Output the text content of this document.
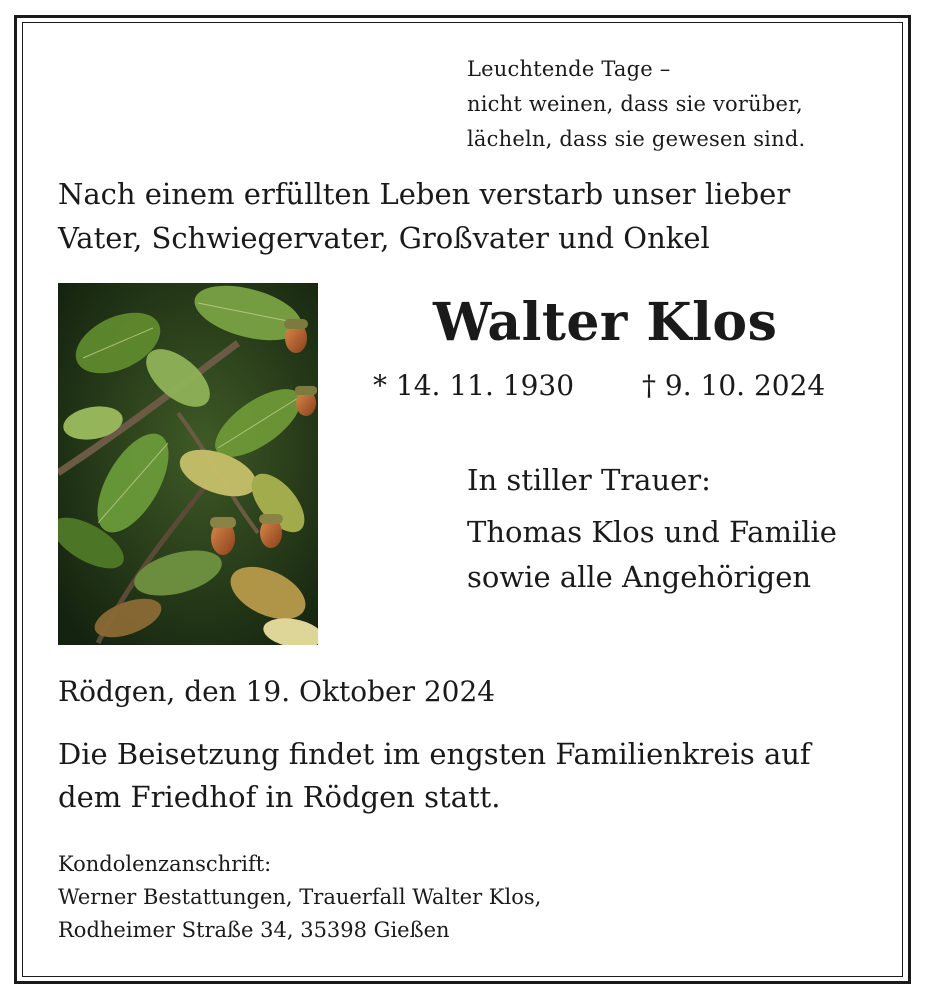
Leuchtende Tage –
nicht weinen, dass sie vorüber,
lächeln, dass sie gewesen sind.
Nach einem erfüllten Leben verstarb unser lieber
Vater, Schwiegervater, Großvater und Onkel
Walter Klos
* 14. 11. 1930 † 9. 10. 2024
In stiller Trauer:
Thomas Klos und Familie
sowie alle Angehörigen
Rödgen, den 19. Oktober 2024
Die Beisetzung findet im engsten Familienkreis auf
dem Friedhof in Rödgen statt.
Kondolenzanschrift:
Werner Bestattungen, Trauerfall Walter Klos,
Rodheimer Straße 34, 35398 Gießen
